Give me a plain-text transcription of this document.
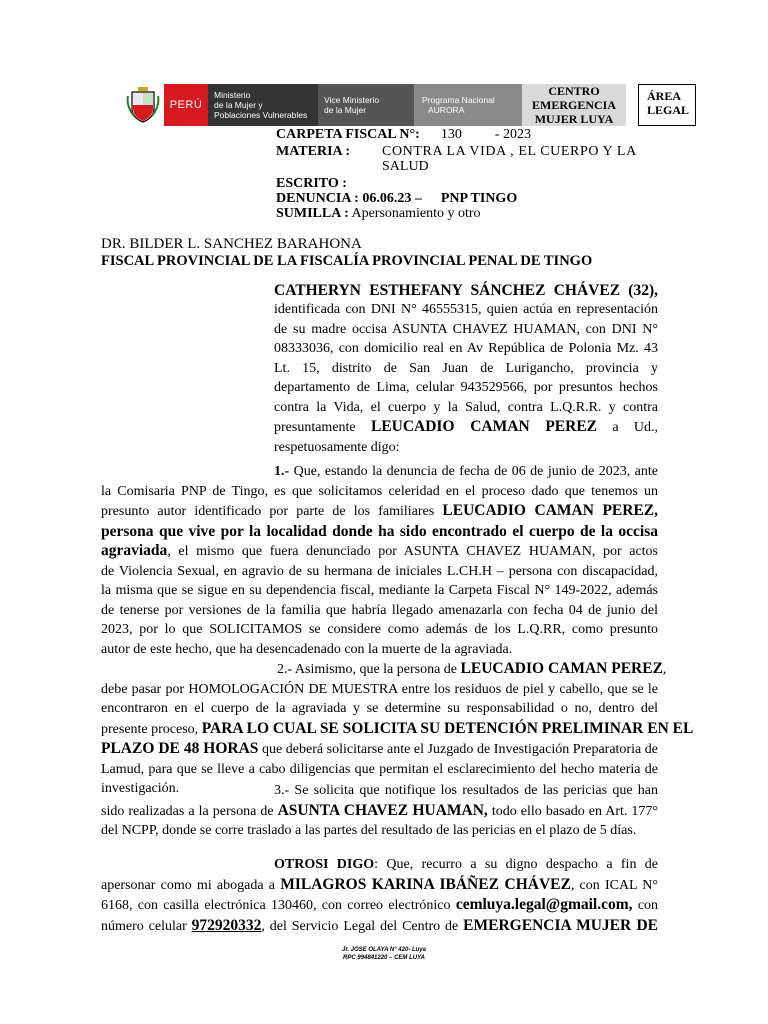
PERÚ
Ministerio
de la Mujer y
Poblaciones Vulnerables
Vice Ministerio
de la Mujer
Programa Nacional
AURORA
CENTRO
EMERGENCIA
MUJER LUYA
ÁREA
LEGAL
CARPETA FISCAL N°: 130 - 2023
MATERIA : CONTRA LA VIDA , EL CUERPO Y LA
SALUD
ESCRITO :
DENUNCIA : 06.06.23 – PNP TINGO
SUMILLA : Apersonamiento y otro
DR. BILDER L. SANCHEZ BARAHONA
FISCAL PROVINCIAL DE LA FISCALÍA PROVINCIAL PENAL DE TINGO
CATHERYN ESTHEFANY SÁNCHEZ CHÁVEZ (32),
identificada con DNI N° 46555315, quien actúa en representación
de su madre occisa ASUNTA CHAVEZ HUAMAN, con DNI N°
08333036, con domicilio real en Av República de Polonia Mz. 43
Lt. 15, distrito de San Juan de Lurigancho, provincia y
departamento de Lima, celular 943529566, por presuntos hechos
contra la Vida, el cuerpo y la Salud, contra L.Q.R.R. y contra
presuntamente LEUCADIO CAMAN PEREZ a Ud.,
respetuosamente digo:
1.- Que, estando la denuncia de fecha de 06 de junio de 2023, ante
la Comisaria PNP de Tingo, es que solicitamos celeridad en el proceso dado que tenemos un
presunto autor identificado por parte de los familiares LEUCADIO CAMAN PEREZ,
persona que vive por la localidad donde ha sido encontrado el cuerpo de la occisa
agraviada, el mismo que fuera denunciado por ASUNTA CHAVEZ HUAMAN, por actos
de Violencia Sexual, en agravio de su hermana de iniciales L.CH.H – persona con discapacidad,
la misma que se sigue en su dependencia fiscal, mediante la Carpeta Fiscal N° 149-2022, además
de tenerse por versiones de la familia que habría llegado amenazarla con fecha 04 de junio del
2023, por lo que SOLICITAMOS se considere como además de los L.Q.RR, como presunto
autor de este hecho, que ha desencadenado con la muerte de la agraviada.
2.- Asimismo, que la persona de LEUCADIO CAMAN PEREZ,
debe pasar por HOMOLOGACIÓN DE MUESTRA entre los residuos de piel y cabello, que se le
encontraron en el cuerpo de la agraviada y se determine su responsabilidad o no, dentro del
presente proceso, PARA LO CUAL SE SOLICITA SU DETENCIÓN PRELIMINAR EN EL
PLAZO DE 48 HORAS que deberá solicitarse ante el Juzgado de Investigación Preparatoria de
Lamud, para que se lleve a cabo diligencias que permitan el esclarecimiento del hecho materia de
investigación.	3.- Se solicita que notifique los resultados de las pericias que han
sido realizadas a la persona de ASUNTA CHAVEZ HUAMAN, todo ello basado en Art. 177°
del NCPP, donde se corre traslado a las partes del resultado de las pericias en el plazo de 5 días.
OTROSI DIGO: Que, recurro a su digno despacho a fin de
apersonar como mi abogada a MILAGROS KARINA IBÁÑEZ CHÁVEZ, con ICAL N°
6168, con casilla electrónica 130460, con correo electrónico cemluya.legal@gmail.com, con
número celular 972920332, del Servicio Legal del Centro de EMERGENCIA MUJER DE
Jr. JOSE OLAYA N° 420- Luya
RPC 994841220 – CEM LUYA
